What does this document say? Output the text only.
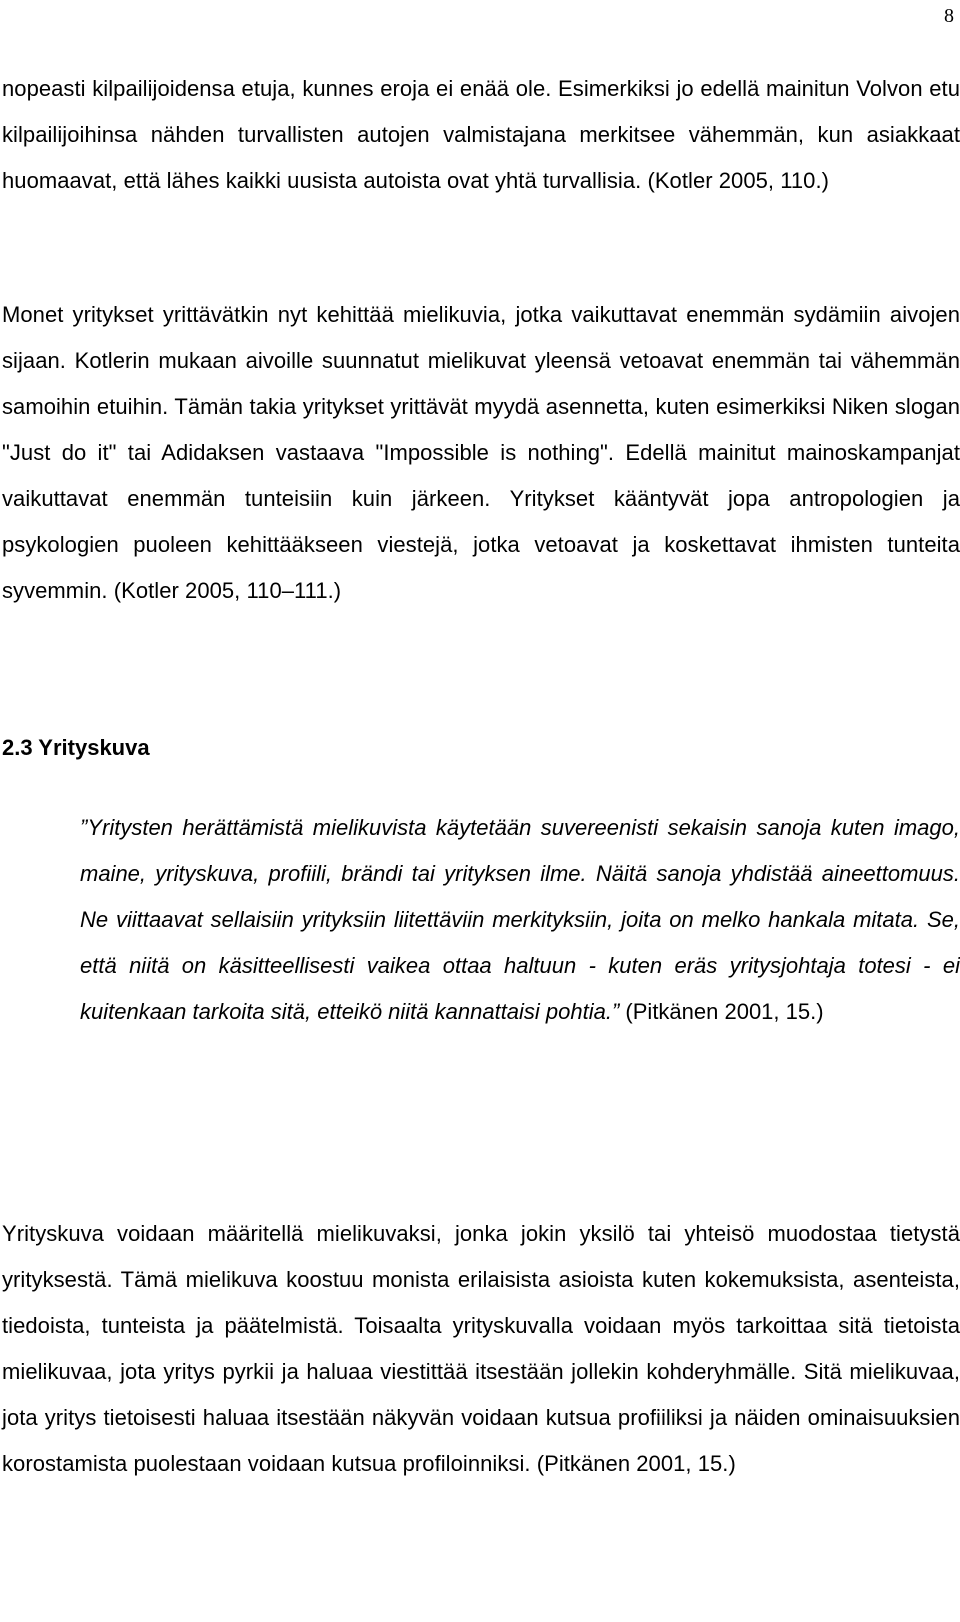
8

nopeasti kilpailijoidensa etuja, kunnes eroja ei enää ole. Esimerkiksi jo edellä mainitun Volvon etu kilpailijoihinsa nähden turvallisten autojen valmistajana merkitsee vähemmän, kun asiakkaat huomaavat, että lähes kaikki uusista autoista ovat yhtä turvallisia. (Kotler 2005, 110.)

Monet yritykset yrittävätkin nyt kehittää mielikuvia, jotka vaikuttavat enemmän sydämiin aivojen sijaan. Kotlerin mukaan aivoille suunnatut mielikuvat yleensä vetoavat enemmän tai vähemmän samoihin etuihin. Tämän takia yritykset yrittävät myydä asennetta, kuten esimerkiksi Niken slogan "Just do it" tai Adidaksen vastaava "Impossible is nothing". Edellä mainitut mainoskampanjat vaikuttavat enemmän tunteisiin kuin järkeen. Yritykset kääntyvät jopa antropologien ja psykologien puoleen kehittääkseen viestejä, jotka vetoavat ja koskettavat ihmisten tunteita syvemmin. (Kotler 2005, 110–111.)

2.3 Yrityskuva

”Yritysten herättämistä mielikuvista käytetään suvereenisti sekaisin sanoja kuten imago, maine, yrityskuva, profiili, brändi tai yrityksen ilme. Näitä sanoja yhdistää aineettomuus. Ne viittaavat sellaisiin yrityksiin liitettäviin merkityksiin, joita on melko hankala mitata. Se, että niitä on käsitteellisesti vaikea ottaa haltuun - kuten eräs yritysjohtaja totesi - ei kuitenkaan tarkoita sitä, etteikö niitä kannattaisi pohtia.” (Pitkänen 2001, 15.)

Yrityskuva voidaan määritellä mielikuvaksi, jonka jokin yksilö tai yhteisö muodostaa tietystä yrityksestä. Tämä mielikuva koostuu monista erilaisista asioista kuten kokemuksista, asenteista, tiedoista, tunteista ja päätelmistä. Toisaalta yrityskuvalla voidaan myös tarkoittaa sitä tietoista mielikuvaa, jota yritys pyrkii ja haluaa viestittää itsestään jollekin kohderyhmälle. Sitä mielikuvaa, jota yritys tietoisesti haluaa itsestään näkyvän voidaan kutsua profiiliksi ja näiden ominaisuuksien korostamista puolestaan voidaan kutsua profiloinniksi. (Pitkänen 2001, 15.)
